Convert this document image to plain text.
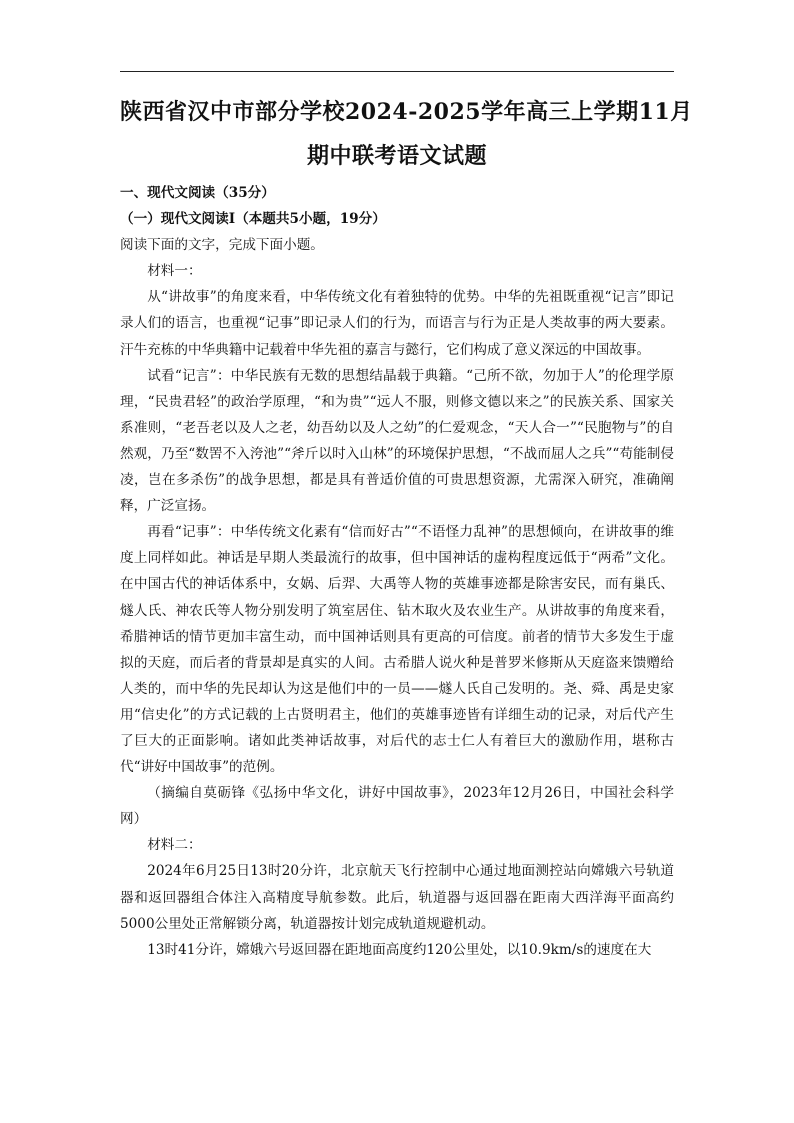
陕西省汉中市部分学校2024-2025学年高三上学期11月
期中联考语文试题

一、现代文阅读（35分）

（一）现代文阅读Ⅰ（本题共5小题，19分）

阅读下面的文字，完成下面小题。

材料一：

从“讲故事”的角度来看，中华传统文化有着独特的优势。中华的先祖既重视“记言”即记录人们的语言，也重视“记事”即记录人们的行为，而语言与行为正是人类故事的两大要素。汗牛充栋的中华典籍中记载着中华先祖的嘉言与懿行，它们构成了意义深远的中国故事。

试看“记言”：中华民族有无数的思想结晶载于典籍。“己所不欲，勿加于人”的伦理学原理，“民贵君轻”的政治学原理，“和为贵”“远人不服，则修文德以来之”的民族关系、国家关系准则，“老吾老以及人之老，幼吾幼以及人之幼”的仁爱观念，“天人合一”“民胞物与”的自然观，乃至“数罟不入洿池”“斧斤以时入山林”的环境保护思想，“不战而屈人之兵”“苟能制侵凌，岂在多杀伤”的战争思想，都是具有普适价值的可贵思想资源，尤需深入研究，准确阐释，广泛宣扬。

再看“记事”：中华传统文化素有“信而好古”“不语怪力乱神”的思想倾向，在讲故事的维度上同样如此。神话是早期人类最流行的故事，但中国神话的虚构程度远低于“两希”文化。在中国古代的神话体系中，女娲、后羿、大禹等人物的英雄事迹都是除害安民，而有巢氏、燧人氏、神农氏等人物分别发明了筑室居住、钻木取火及农业生产。从讲故事的角度来看，希腊神话的情节更加丰富生动，而中国神话则具有更高的可信度。前者的情节大多发生于虚拟的天庭，而后者的背景却是真实的人间。古希腊人说火种是普罗米修斯从天庭盗来馈赠给人类的，而中华的先民却认为这是他们中的一员——燧人氏自己发明的。尧、舜、禹是史家用“信史化”的方式记载的上古贤明君主，他们的英雄事迹皆有详细生动的记录，对后代产生了巨大的正面影响。诸如此类神话故事，对后代的志士仁人有着巨大的激励作用，堪称古代“讲好中国故事”的范例。

（摘编自莫砺锋《弘扬中华文化，讲好中国故事》，2023年12月26日，中国社会科学网）

材料二：

2024年6月25日13时20分许，北京航天飞行控制中心通过地面测控站向嫦娥六号轨道器和返回器组合体注入高精度导航参数。此后，轨道器与返回器在距南大西洋海平面高约5000公里处正常解锁分离，轨道器按计划完成轨道规避机动。

13时41分许，嫦娥六号返回器在距地面高度约120公里处，以10.9km/s的速度在大
